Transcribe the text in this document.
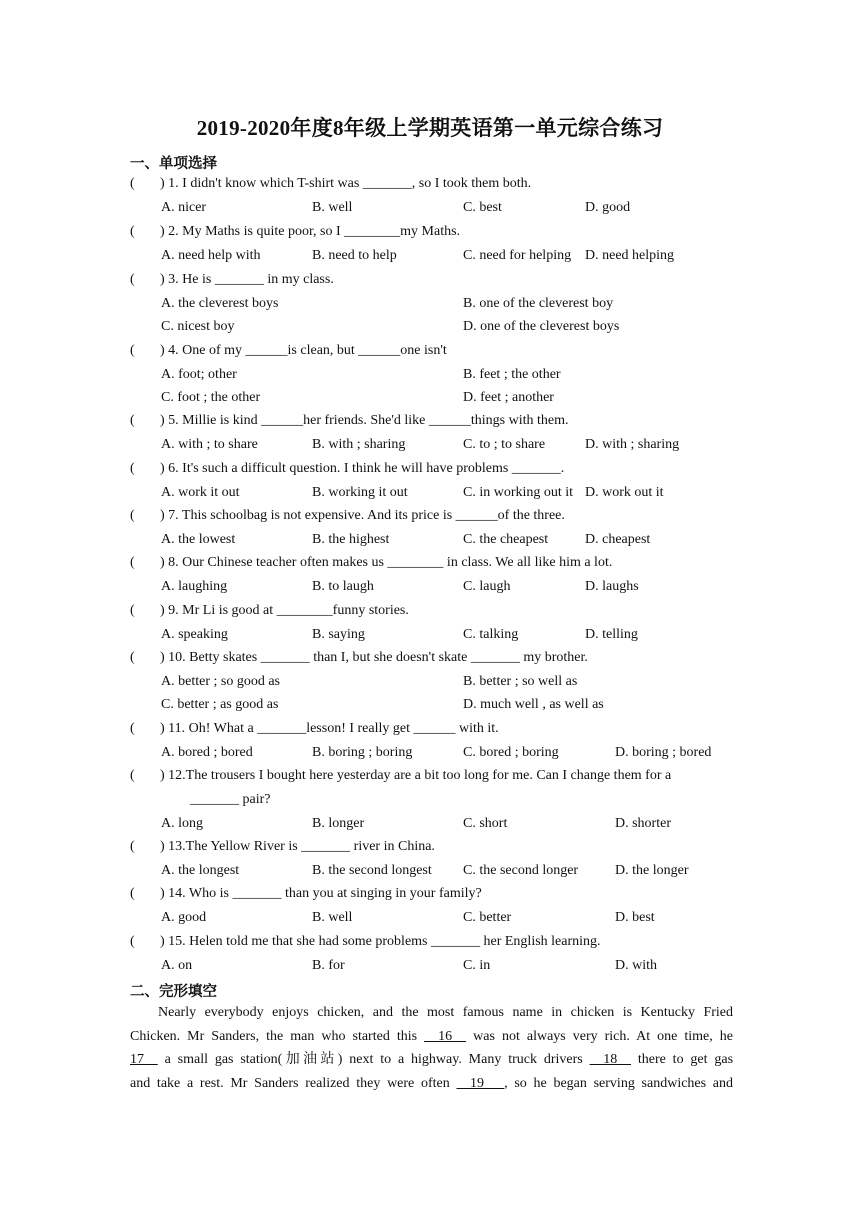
2019-2020年度8年级上学期英语第一单元综合练习
一、单项选择
( ) 1. I didn't know which T-shirt was _______, so I took them both.
A. nicer	B. well	C. best	D. good
( ) 2. My Maths is quite poor, so I ________my Maths.
A. need help with	B. need to help	C. need for helping D. need helping
( ) 3. He is _______ in my class.
A. the cleverest boys	B. one of the cleverest boy
C. nicest boy	D. one of the cleverest boys
( ) 4. One of my ______is clean, but ______one isn't
A. foot; other	B. feet ; the other
C. foot ; the other	D. feet ; another
( ) 5. Millie is kind ______her friends. She'd like ______things with them.
A. with ; to share	B. with ; sharing	C. to ; to share	D. with ; sharing
( ) 6. It's such a difficult question. I think he will have problems _______.
A. work it out	B. working it out	C. in working out it D. work out it
( ) 7. This schoolbag is not expensive. And its price is ______of the three.
A. the lowest	B. the highest	C. the cheapest	D. cheapest
( ) 8. Our Chinese teacher often makes us ________ in class. We all like him a lot.
A. laughing	B. to laugh	C. laugh	D. laughs
( ) 9. Mr Li is good at ________funny stories.
A. speaking	B. saying	C. talking	D. telling
( ) 10. Betty skates _______ than I, but she doesn't skate _______ my brother.
A. better ; so good as	B. better ; so well as
C. better ; as good as	D. much well , as well as
( ) 11. Oh! What a _______lesson! I really get ______ with it.
A. bored ; bored	B. boring ; boring	C. bored ; boring	D. boring ; bored
( ) 12.The trousers I bought here yesterday are a bit too long for me. Can I change them for a
_______ pair?
A. long	B. longer	C. short	D. shorter
( ) 13.The Yellow River is _______ river in China.
A. the longest	B. the second longest C. the second longer	D. the longer
( ) 14. Who is _______ than you at singing in your family?
A. good	B. well	C. better	D. best
( ) 15. Helen told me that she had some problems _______ her English learning.
A. on	B. for	C. in	D. with
二、完形填空
Nearly everybody enjoys chicken, and the most famous name in chicken is Kentucky Fried
Chicken. Mr Sanders, the man who started this   16   was not always very rich. At one time, he
17   a small gas station(加油站) next to a highway. Many truck drivers   18   there to get gas
and take a rest. Mr Sanders realized they were often   19   , so he began serving sandwiches and
